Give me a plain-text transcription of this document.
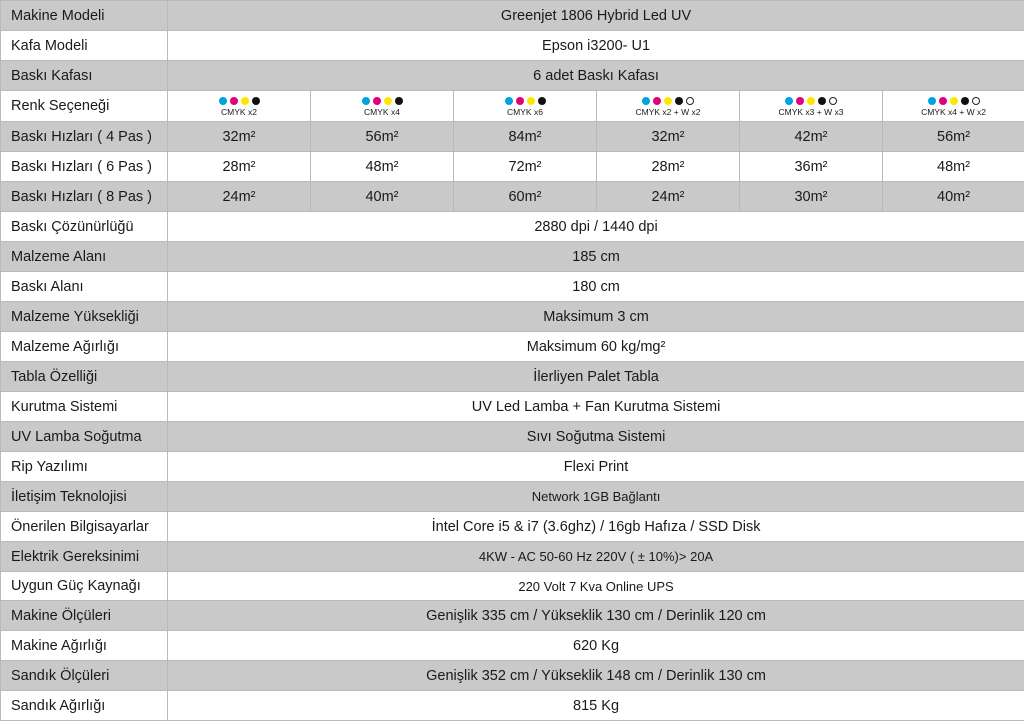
Makine Modeli	Greenjet 1806 Hybrid Led UV					
Kafa Modeli	Epson i3200- U1					
Baskı Kafası	6 adet Baskı Kafası					
Renk Seçeneği	CMYK x2	CMYK x4	CMYK x6	CMYK x2 + W x2	CMYK x3 + W x3	CMYK x4 + W x2

Baskı Hızları ( 4 Pas )	32m²	56m²	84m²	32m²	42m²	56m²
Baskı Hızları ( 6 Pas )	28m²	48m²	72m²	28m²	36m²	48m²
Baskı Hızları ( 8 Pas )	24m²	40m²	60m²	24m²	30m²	40m²
Baskı Çözünürlüğü	2880 dpi / 1440 dpi					
Malzeme Alanı	185 cm					
Baskı Alanı	180 cm					
Malzeme Yüksekliği	Maksimum 3 cm					
Malzeme Ağırlığı	Maksimum 60 kg/mg²					
Tabla Özelliği	İlerliyen Palet Tabla					
Kurutma Sistemi	UV Led Lamba + Fan Kurutma Sistemi					
UV Lamba Soğutma	Sıvı Soğutma Sistemi					
Rip Yazılımı	Flexi Print					
İletişim Teknolojisi	Network 1GB Bağlantı					
Önerilen Bilgisayarlar	İntel Core i5 & i7 (3.6ghz) / 16gb Hafıza / SSD Disk					
Elektrik Gereksinimi	4KW - AC 50-60 Hz 220V ( ± 10%)> 20A					
Uygun Güç Kaynağı	220 Volt 7 Kva Online UPS					
Makine Ölçüleri	Genişlik 335 cm / Yükseklik 130 cm / Derinlik 120 cm					
Makine Ağırlığı	620 Kg					
Sandık Ölçüleri	Genişlik 352 cm / Yükseklik 148 cm / Derinlik 130 cm					
Sandık Ağırlığı	815 Kg					
